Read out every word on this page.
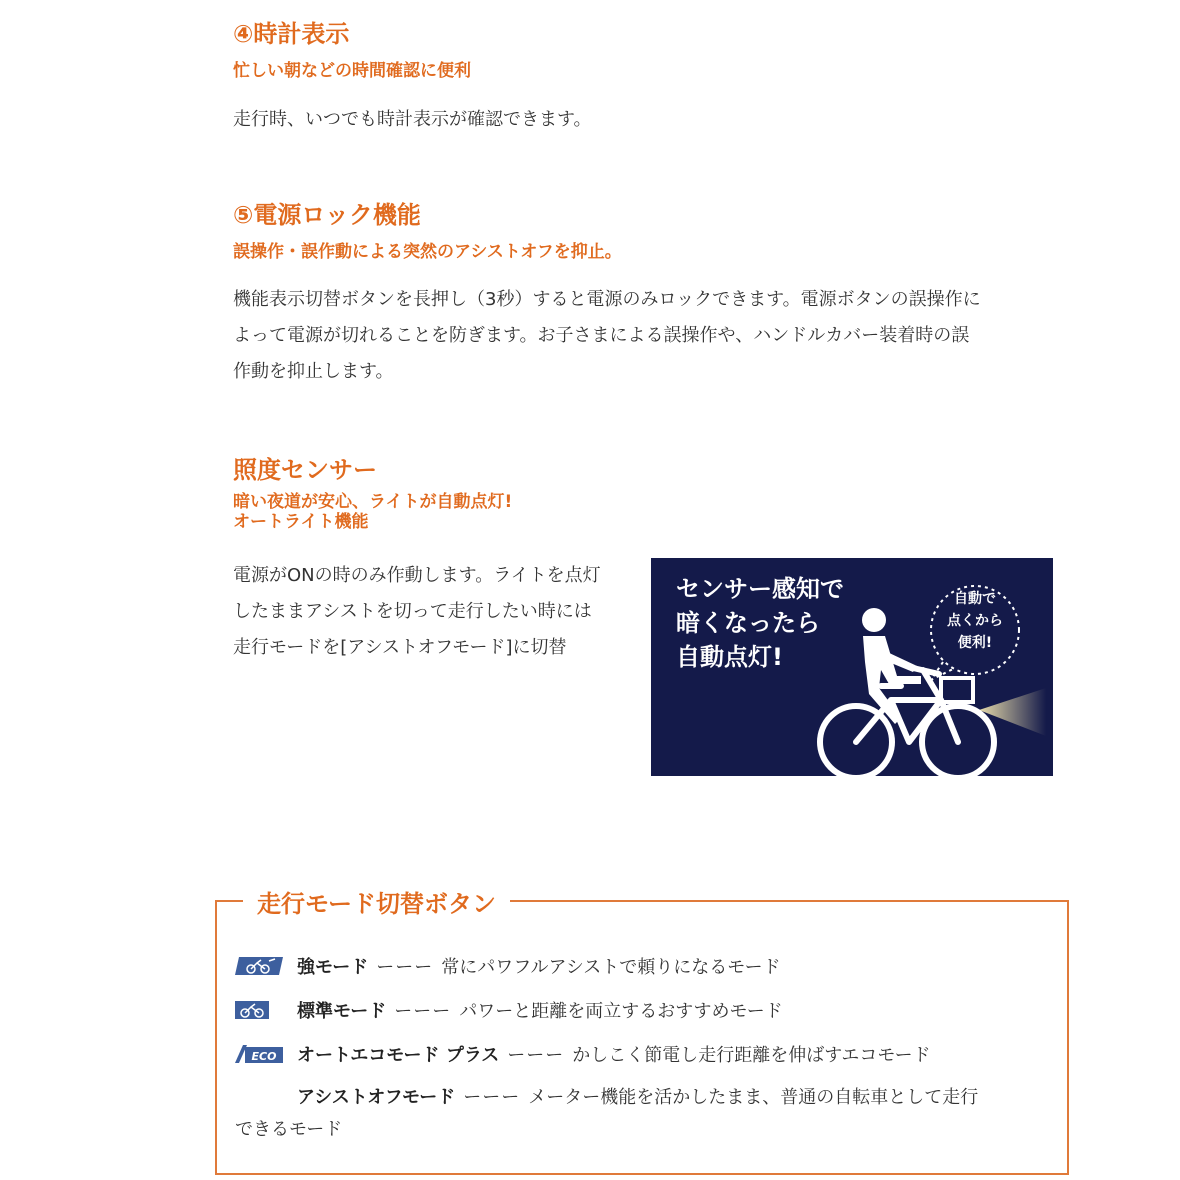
④時計表示
忙しい朝などの時間確認に便利
走行時、いつでも時計表示が確認できます。
⑤電源ロック機能
誤操作・誤作動による突然のアシストオフを抑止。
機能表示切替ボタンを長押し（3秒）すると電源のみロックできます。電源ボタンの誤操作に
よって電源が切れることを防ぎます。お子さまによる誤操作や、ハンドルカバー装着時の誤
作動を抑止します。
照度センサー
暗い夜道が安心、ライトが自動点灯!
オートライト機能
電源がONの時のみ作動します。ライトを点灯
したままアシストを切って走行したい時には
走行モードを[アシストオフモード]に切替
センサー感知で
暗くなったら
自動点灯!
自動で
点くから
便利!
走行モード切替ボタン
強モード ーーー 常にパワフルアシストで頼りになるモード
標準モード ーーー パワーと距離を両立するおすすめモード
ECO オートエコモード プラス ーーー かしこく節電し走行距離を伸ばすエコモード
アシストオフモード ーーー メーター機能を活かしたまま、普通の自転車として走行
できるモード
